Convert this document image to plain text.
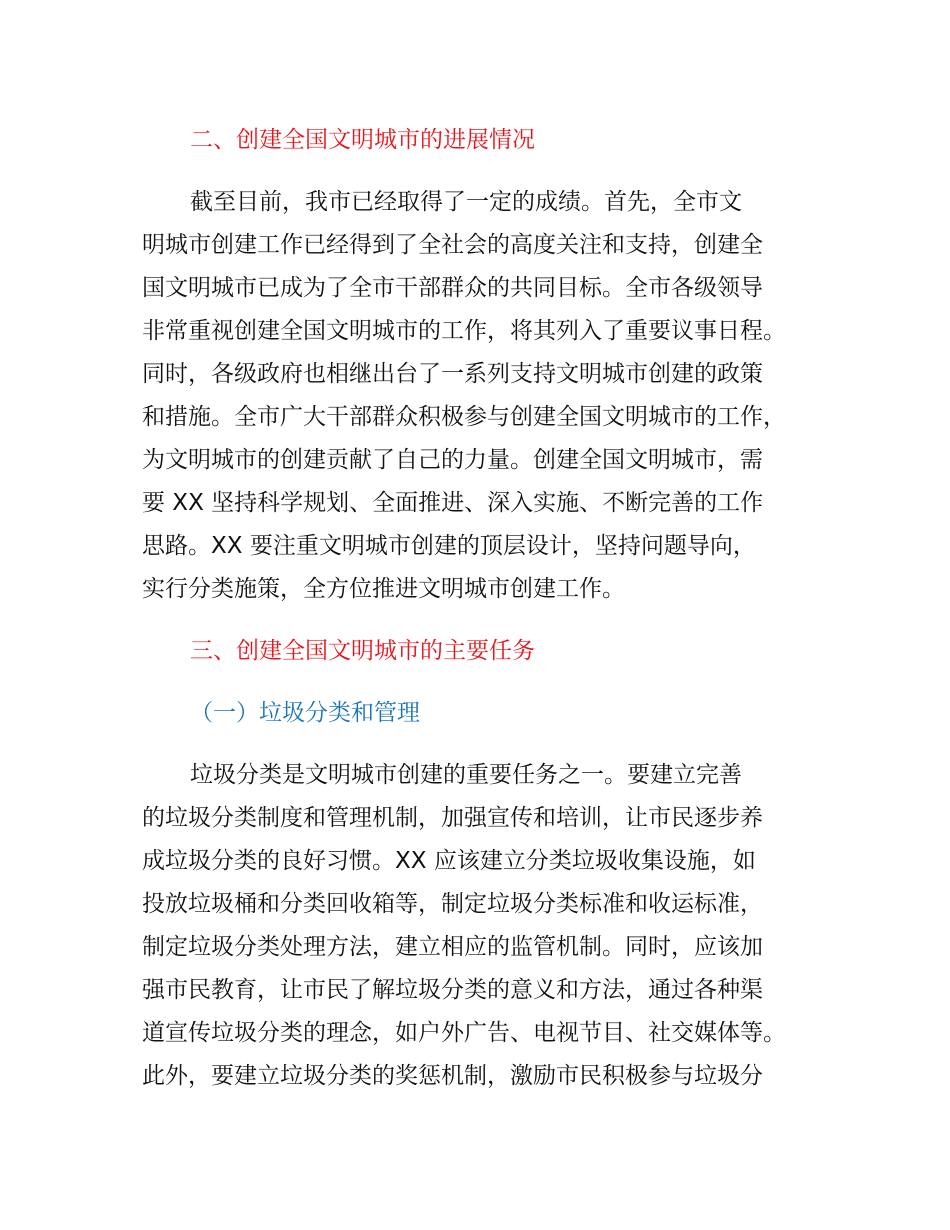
二、创建全国文明城市的进展情况
截至目前，我市已经取得了一定的成绩。首先，全市文
明城市创建工作已经得到了全社会的高度关注和支持，创建全
国文明城市已成为了全市干部群众的共同目标。全市各级领导
非常重视创建全国文明城市的工作，将其列入了重要议事日程。
同时，各级政府也相继出台了一系列支持文明城市创建的政策
和措施。全市广大干部群众积极参与创建全国文明城市的工作，
为文明城市的创建贡献了自己的力量。创建全国文明城市，需
要 XX 坚持科学规划、全面推进、深入实施、不断完善的工作
思路。XX 要注重文明城市创建的顶层设计，坚持问题导向，
实行分类施策，全方位推进文明城市创建工作。
三、创建全国文明城市的主要任务
（一）垃圾分类和管理
垃圾分类是文明城市创建的重要任务之一。要建立完善
的垃圾分类制度和管理机制，加强宣传和培训，让市民逐步养
成垃圾分类的良好习惯。XX 应该建立分类垃圾收集设施，如
投放垃圾桶和分类回收箱等，制定垃圾分类标准和收运标准，
制定垃圾分类处理方法，建立相应的监管机制。同时，应该加
强市民教育，让市民了解垃圾分类的意义和方法，通过各种渠
道宣传垃圾分类的理念，如户外广告、电视节目、社交媒体等。
此外，要建立垃圾分类的奖惩机制，激励市民积极参与垃圾分
